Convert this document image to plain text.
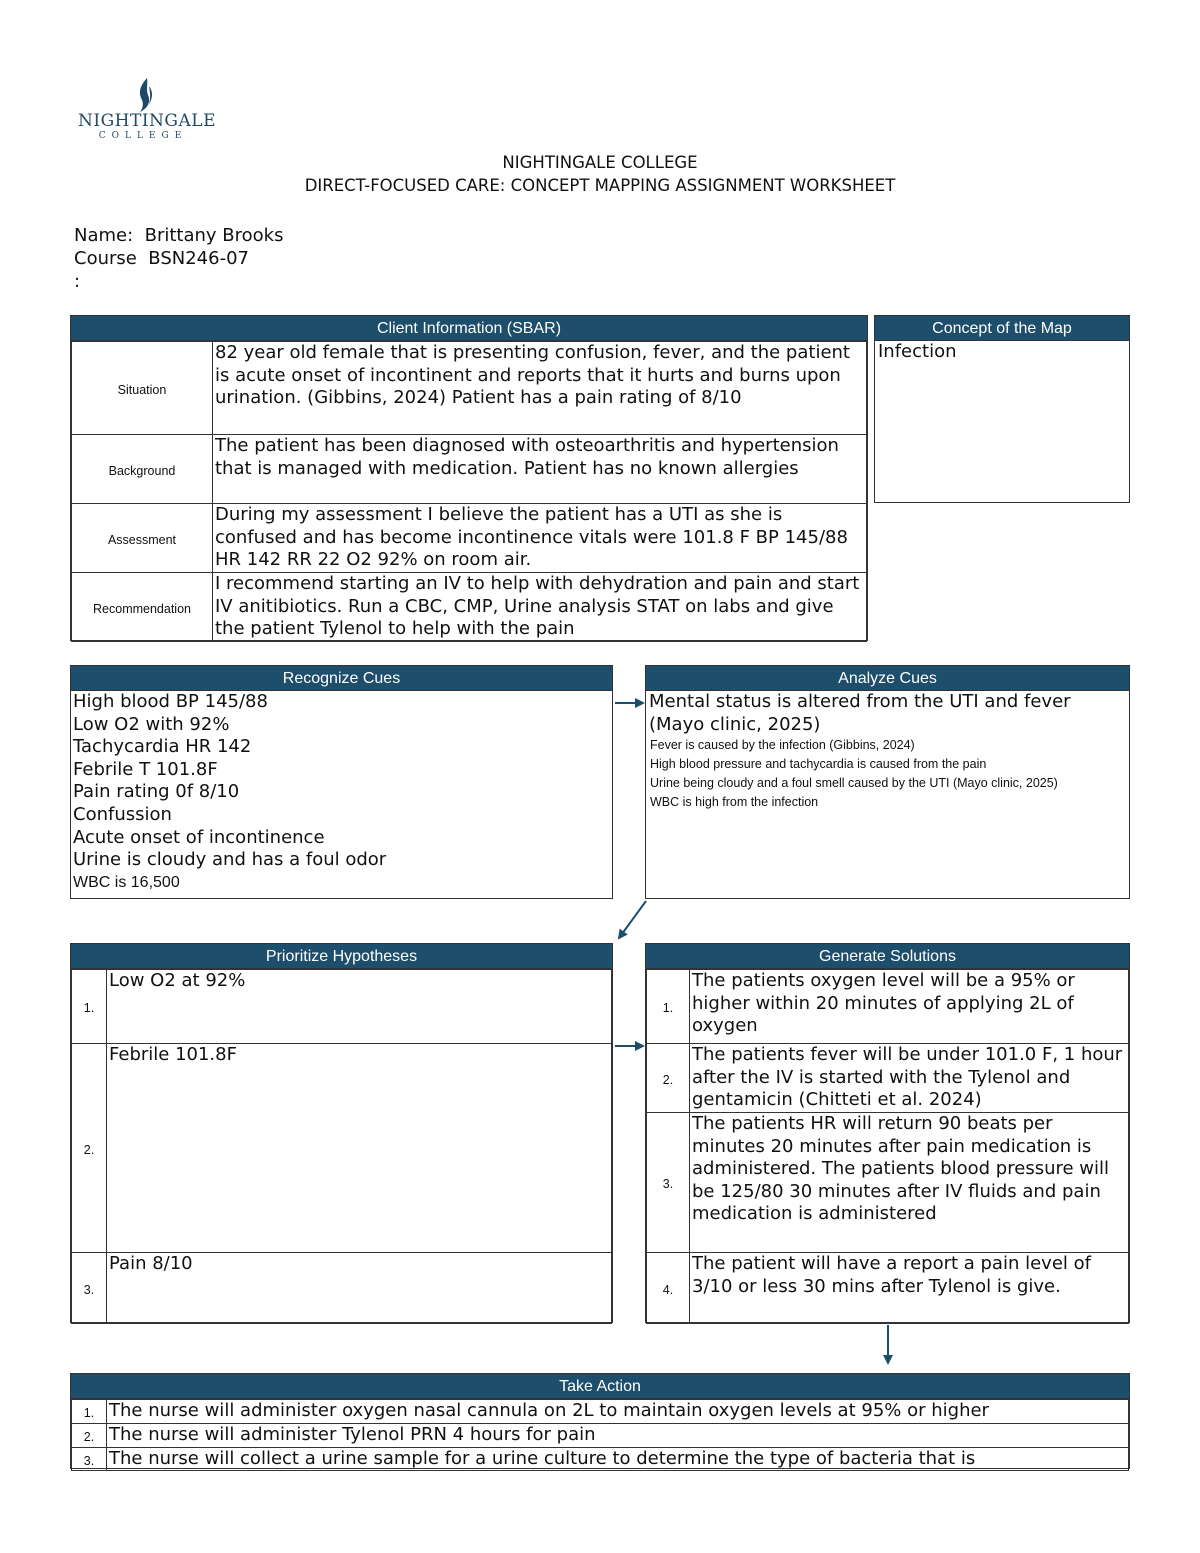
NIGHTINGALE
COLLEGE
NIGHTINGALE COLLEGE
DIRECT-FOCUSED CARE: CONCEPT MAPPING ASSIGNMENT WORKSHEET
Name: Brittany Brooks
Course BSN246-07
:
Client Information (SBAR)
Situation	82 year old female that is presenting confusion, fever, and the patient is acute onset of incontinent and reports that it hurts and burns upon urination. (Gibbins, 2024) Patient has a pain rating of 8/10

Background	The patient has been diagnosed with osteoarthritis and hypertension that is managed with medication. Patient has no known allergies

Assessment	During my assessment I believe the patient has a UTI as she is confused and has become incontinence vitals were 101.8 F BP 145/88 HR 142 RR 22 O2 92% on room air.

Recommendation	I recommend starting an IV to help with dehydration and pain and start IV anitibiotics. Run a CBC, CMP, Urine analysis STAT on labs and give the patient Tylenol to help with the pain
Concept of the Map
Infection
Recognize Cues
High blood BP 145/88
Low O2 with 92%
Tachycardia HR 142
Febrile T 101.8F
Pain rating 0f 8/10
Confussion
Acute onset of incontinence
Urine is cloudy and has a foul odor
WBC is 16,500
Analyze Cues
Mental status is altered from the UTI and fever (Mayo clinic, 2025)
Fever is caused by the infection (Gibbins, 2024)
High blood pressure and tachycardia is caused from the pain
Urine being cloudy and a foul smell caused by the UTI (Mayo clinic, 2025)
WBC is high from the infection
Prioritize Hypotheses
1.	Low O2 at 92%

2.	Febrile 101.8F

3.	Pain 8/10
Generate Solutions
1.	The patients oxygen level will be a 95% or higher within 20 minutes of applying 2L of oxygen

2.	The patients fever will be under 101.0 F, 1 hour after the IV is started with the Tylenol and gentamicin (Chitteti et al. 2024)

3.	The patients HR will return 90 beats per minutes 20 minutes after pain medication is administered. The patients blood pressure will be 125/80 30 minutes after IV fluids and pain medication is administered

4.	The patient will have a report a pain level of 3/10 or less 30 mins after Tylenol is give.
Take Action
1.	The nurse will administer oxygen nasal cannula on 2L to maintain oxygen levels at 95% or higher

2.	The nurse will administer Tylenol PRN 4 hours for pain

3.	The nurse will collect a urine sample for a urine culture to determine the type of bacteria that is
